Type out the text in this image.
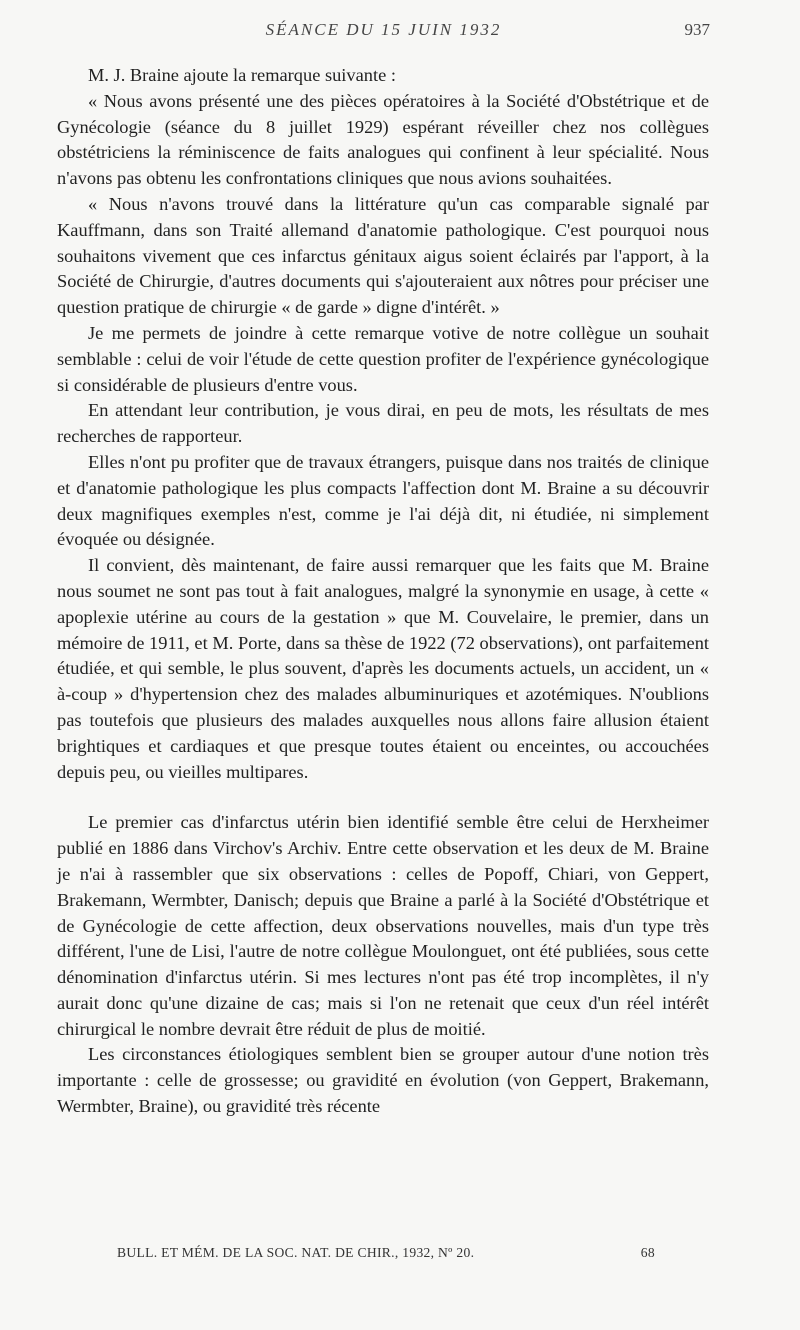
SÉANCE DU 15 JUIN 1932	937

M. J. Braine ajoute la remarque suivante :

« Nous avons présenté une des pièces opératoires à la Société d'Obstétrique et de Gynécologie (séance du 8 juillet 1929) espérant réveiller chez nos collègues obstétriciens la réminiscence de faits analogues qui confinent à leur spécialité. Nous n'avons pas obtenu les confrontations cliniques que nous avions souhaitées.

« Nous n'avons trouvé dans la littérature qu'un cas comparable signalé par Kauffmann, dans son Traité allemand d'anatomie pathologique. C'est pourquoi nous souhaitons vivement que ces infarctus génitaux aigus soient éclairés par l'apport, à la Société de Chirurgie, d'autres documents qui s'ajouteraient aux nôtres pour préciser une question pratique de chirurgie « de garde » digne d'intérêt. »

Je me permets de joindre à cette remarque votive de notre collègue un souhait semblable : celui de voir l'étude de cette question profiter de l'expérience gynécologique si considérable de plusieurs d'entre vous.

En attendant leur contribution, je vous dirai, en peu de mots, les résultats de mes recherches de rapporteur.

Elles n'ont pu profiter que de travaux étrangers, puisque dans nos traités de clinique et d'anatomie pathologique les plus compacts l'affection dont M. Braine a su découvrir deux magnifiques exemples n'est, comme je l'ai déjà dit, ni étudiée, ni simplement évoquée ou désignée.

Il convient, dès maintenant, de faire aussi remarquer que les faits que M. Braine nous soumet ne sont pas tout à fait analogues, malgré la synonymie en usage, à cette « apoplexie utérine au cours de la gestation » que M. Couvelaire, le premier, dans un mémoire de 1911, et M. Porte, dans sa thèse de 1922 (72 observations), ont parfaitement étudiée, et qui semble, le plus souvent, d'après les documents actuels, un accident, un « à-coup » d'hypertension chez des malades albuminuriques et azotémiques. N'oublions pas toutefois que plusieurs des malades auxquelles nous allons faire allusion étaient brightiques et cardiaques et que presque toutes étaient ou enceintes, ou accouchées depuis peu, ou vieilles multipares.

Le premier cas d'infarctus utérin bien identifié semble être celui de Herxheimer publié en 1886 dans Virchov's Archiv. Entre cette observation et les deux de M. Braine je n'ai à rassembler que six observations : celles de Popoff, Chiari, von Geppert, Brakemann, Wermbter, Danisch; depuis que Braine a parlé à la Société d'Obstétrique et de Gynécologie de cette affection, deux observations nouvelles, mais d'un type très différent, l'une de Lisi, l'autre de notre collègue Moulonguet, ont été publiées, sous cette dénomination d'infarctus utérin. Si mes lectures n'ont pas été trop incomplètes, il n'y aurait donc qu'une dizaine de cas; mais si l'on ne retenait que ceux d'un réel intérêt chirurgical le nombre devrait être réduit de plus de moitié.

Les circonstances étiologiques semblent bien se grouper autour d'une notion très importante : celle de grossesse; ou gravidité en évolution (von Geppert, Brakemann, Wermbter, Braine), ou gravidité très récente

BULL. ET MÉM. DE LA SOC. NAT. DE CHIR., 1932, Nº 20.	68
